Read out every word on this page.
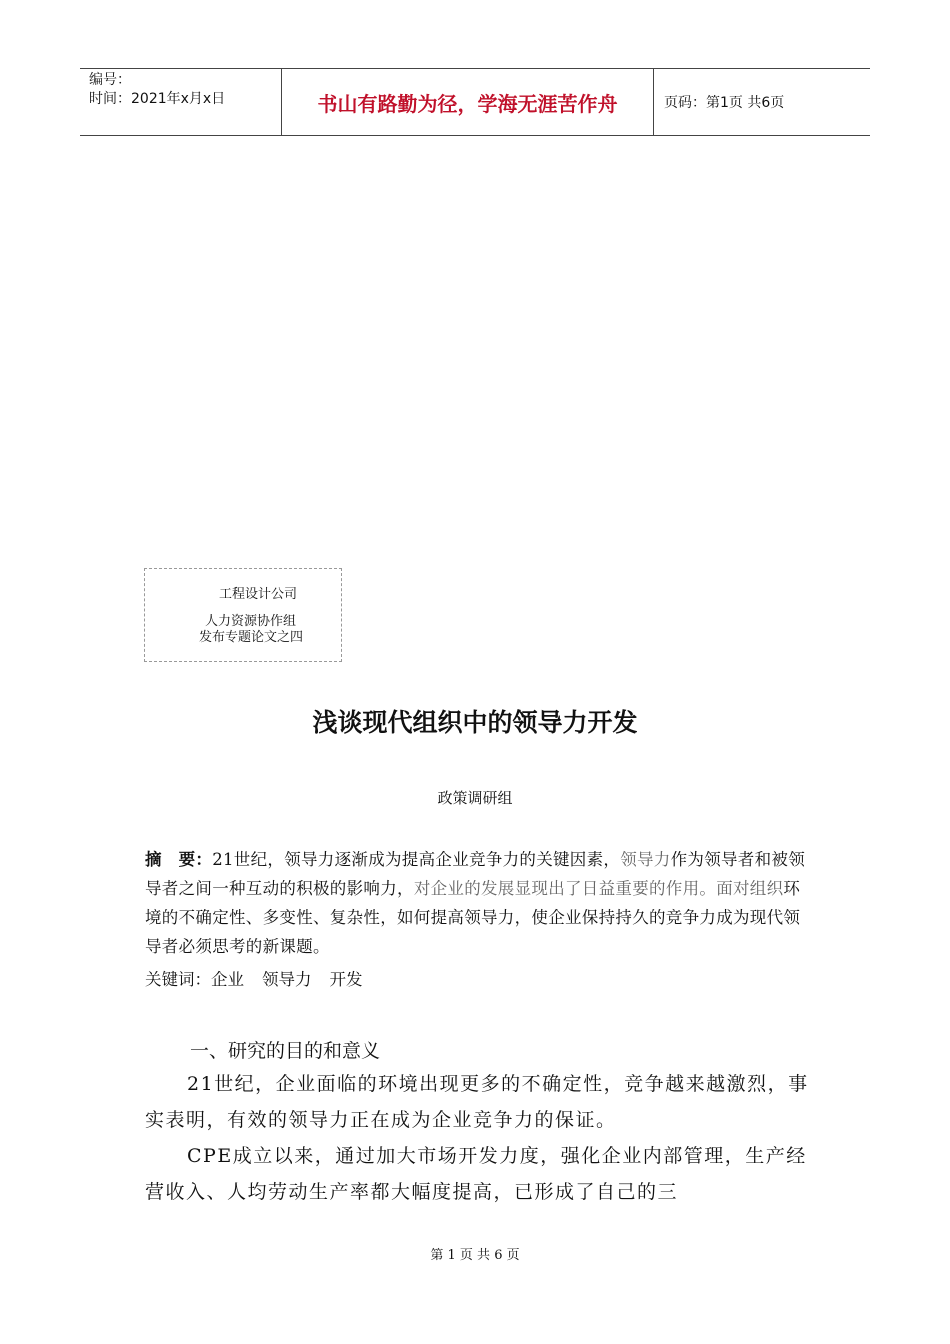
编号：
时间：2021年x月x日	书山有路勤为径，学海无涯苦作舟	页码：第1页 共6页
工程设计公司
人力资源协作组
发布专题论文之四
浅谈现代组织中的领导力开发
政策调研组
摘　要：21世纪，领导力逐渐成为提高企业竞争力的关键因素，领导力作为领导者和被领导者之间一种互动的积极的影响力，对企业的发展显现出了日益重要的作用。面对组织环境的不确定性、多变性、复杂性，如何提高领导力，使企业保持持久的竞争力成为现代领导者必须思考的新课题。
关键词：企业 领导力 开发
一、研究的目的和意义
21世纪，企业面临的环境出现更多的不确定性，竞争越来越激烈，事实表明，有效的领导力正在成为企业竞争力的保证。
CPE成立以来，通过加大市场开发力度，强化企业内部管理，生产经营收入、人均劳动生产率都大幅度提高，已形成了自己的三
第 1 页 共 6 页
